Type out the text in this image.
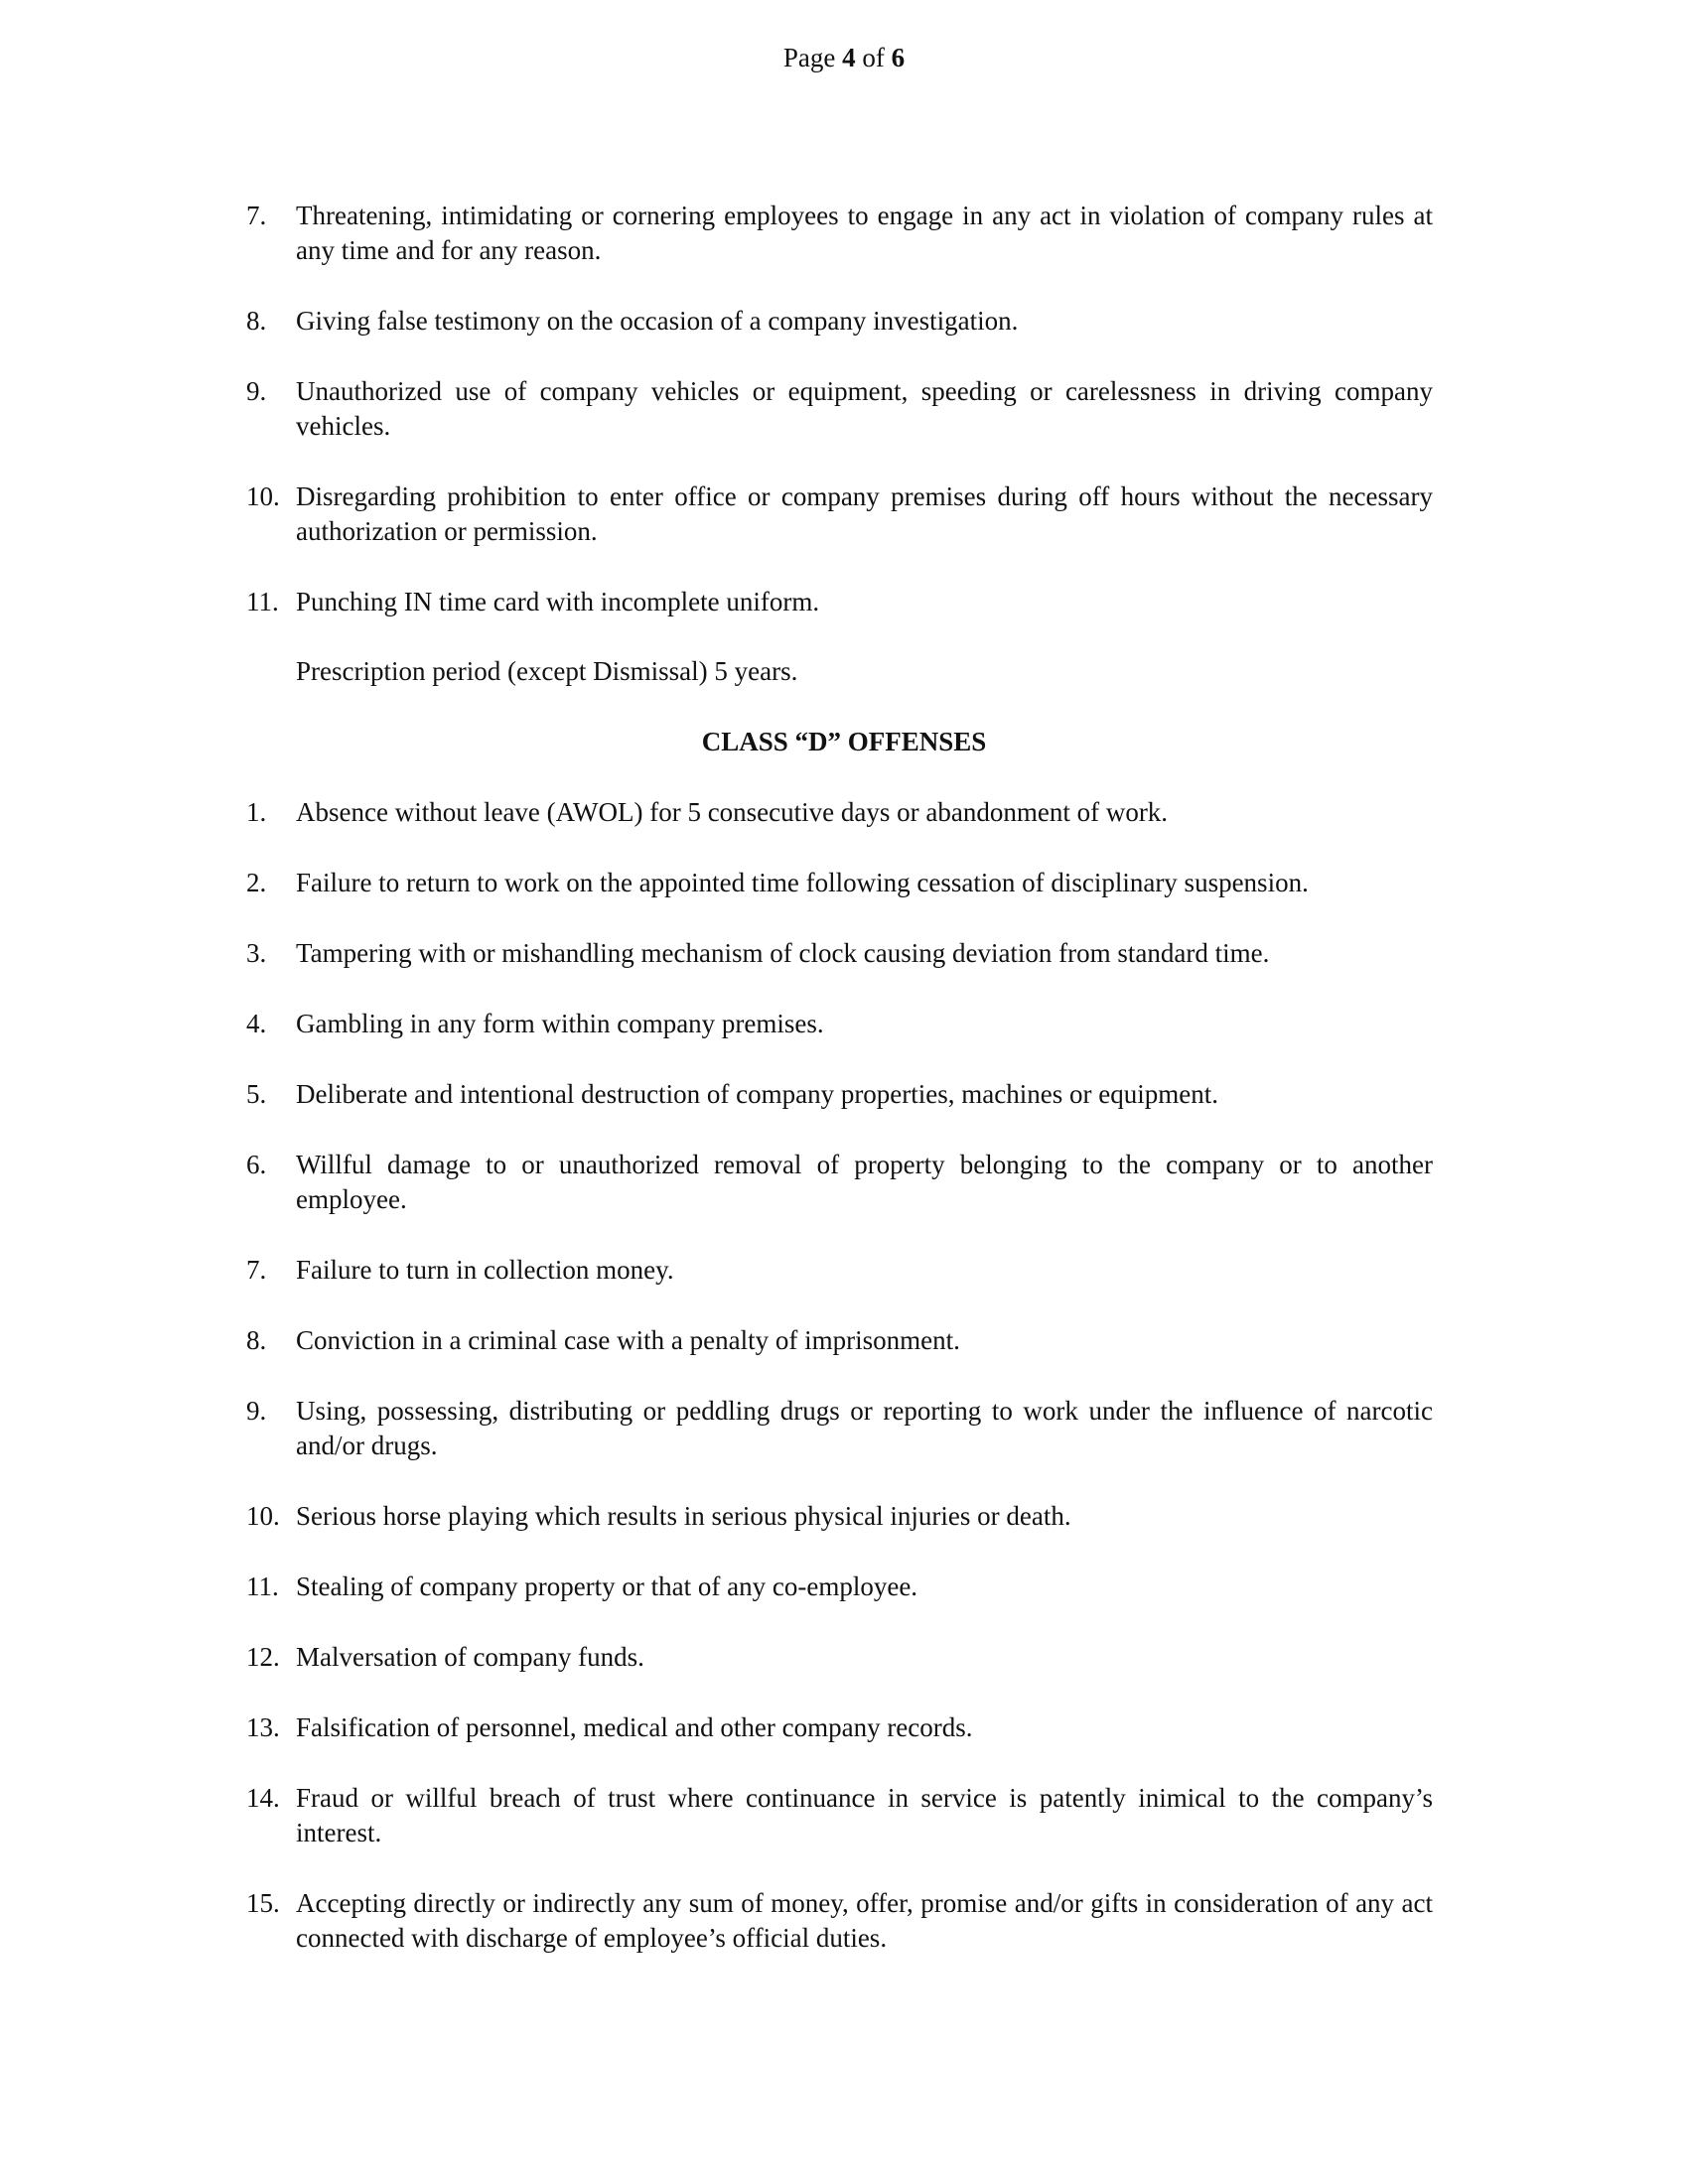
Page 4 of 6
7. Threatening, intimidating or cornering employees to engage in any act in violation of company rules at any time and for any reason.
8. Giving false testimony on the occasion of a company investigation.
9. Unauthorized use of company vehicles or equipment, speeding or carelessness in driving company vehicles.
10. Disregarding prohibition to enter office or company premises during off hours without the necessary authorization or permission.
11. Punching IN time card with incomplete uniform.
Prescription period (except Dismissal) 5 years.
CLASS “D” OFFENSES
1. Absence without leave (AWOL) for 5 consecutive days or abandonment of work.
2. Failure to return to work on the appointed time following cessation of disciplinary suspension.
3. Tampering with or mishandling mechanism of clock causing deviation from standard time.
4. Gambling in any form within company premises.
5. Deliberate and intentional destruction of company properties, machines or equipment.
6. Willful damage to or unauthorized removal of property belonging to the company or to another employee.
7. Failure to turn in collection money.
8. Conviction in a criminal case with a penalty of imprisonment.
9. Using, possessing, distributing or peddling drugs or reporting to work under the influence of narcotic and/or drugs.
10. Serious horse playing which results in serious physical injuries or death.
11. Stealing of company property or that of any co-employee.
12. Malversation of company funds.
13. Falsification of personnel, medical and other company records.
14. Fraud or willful breach of trust where continuance in service is patently inimical to the company’s interest.
15. Accepting directly or indirectly any sum of money, offer, promise and/or gifts in consideration of any act connected with discharge of employee’s official duties.
